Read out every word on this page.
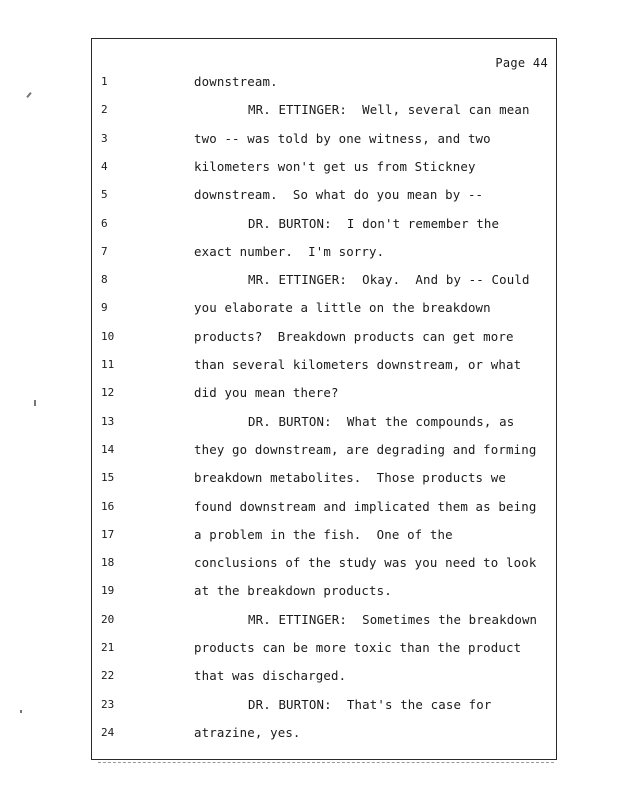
Page 44
1	downstream.
2	MR. ETTINGER:  Well, several can mean
3	two -- was told by one witness, and two
4	kilometers won't get us from Stickney
5	downstream.  So what do you mean by --
6	DR. BURTON:  I don't remember the
7	exact number.  I'm sorry.
8	MR. ETTINGER:  Okay.  And by -- Could
9	you elaborate a little on the breakdown
10	products?  Breakdown products can get more
11	than several kilometers downstream, or what
12	did you mean there?
13	DR. BURTON:  What the compounds, as
14	they go downstream, are degrading and forming
15	breakdown metabolites.  Those products we
16	found downstream and implicated them as being
17	a problem in the fish.  One of the
18	conclusions of the study was you need to look
19	at the breakdown products.
20	MR. ETTINGER:  Sometimes the breakdown
21	products can be more toxic than the product
22	that was discharged.
23	DR. BURTON:  That's the case for
24	atrazine, yes.
